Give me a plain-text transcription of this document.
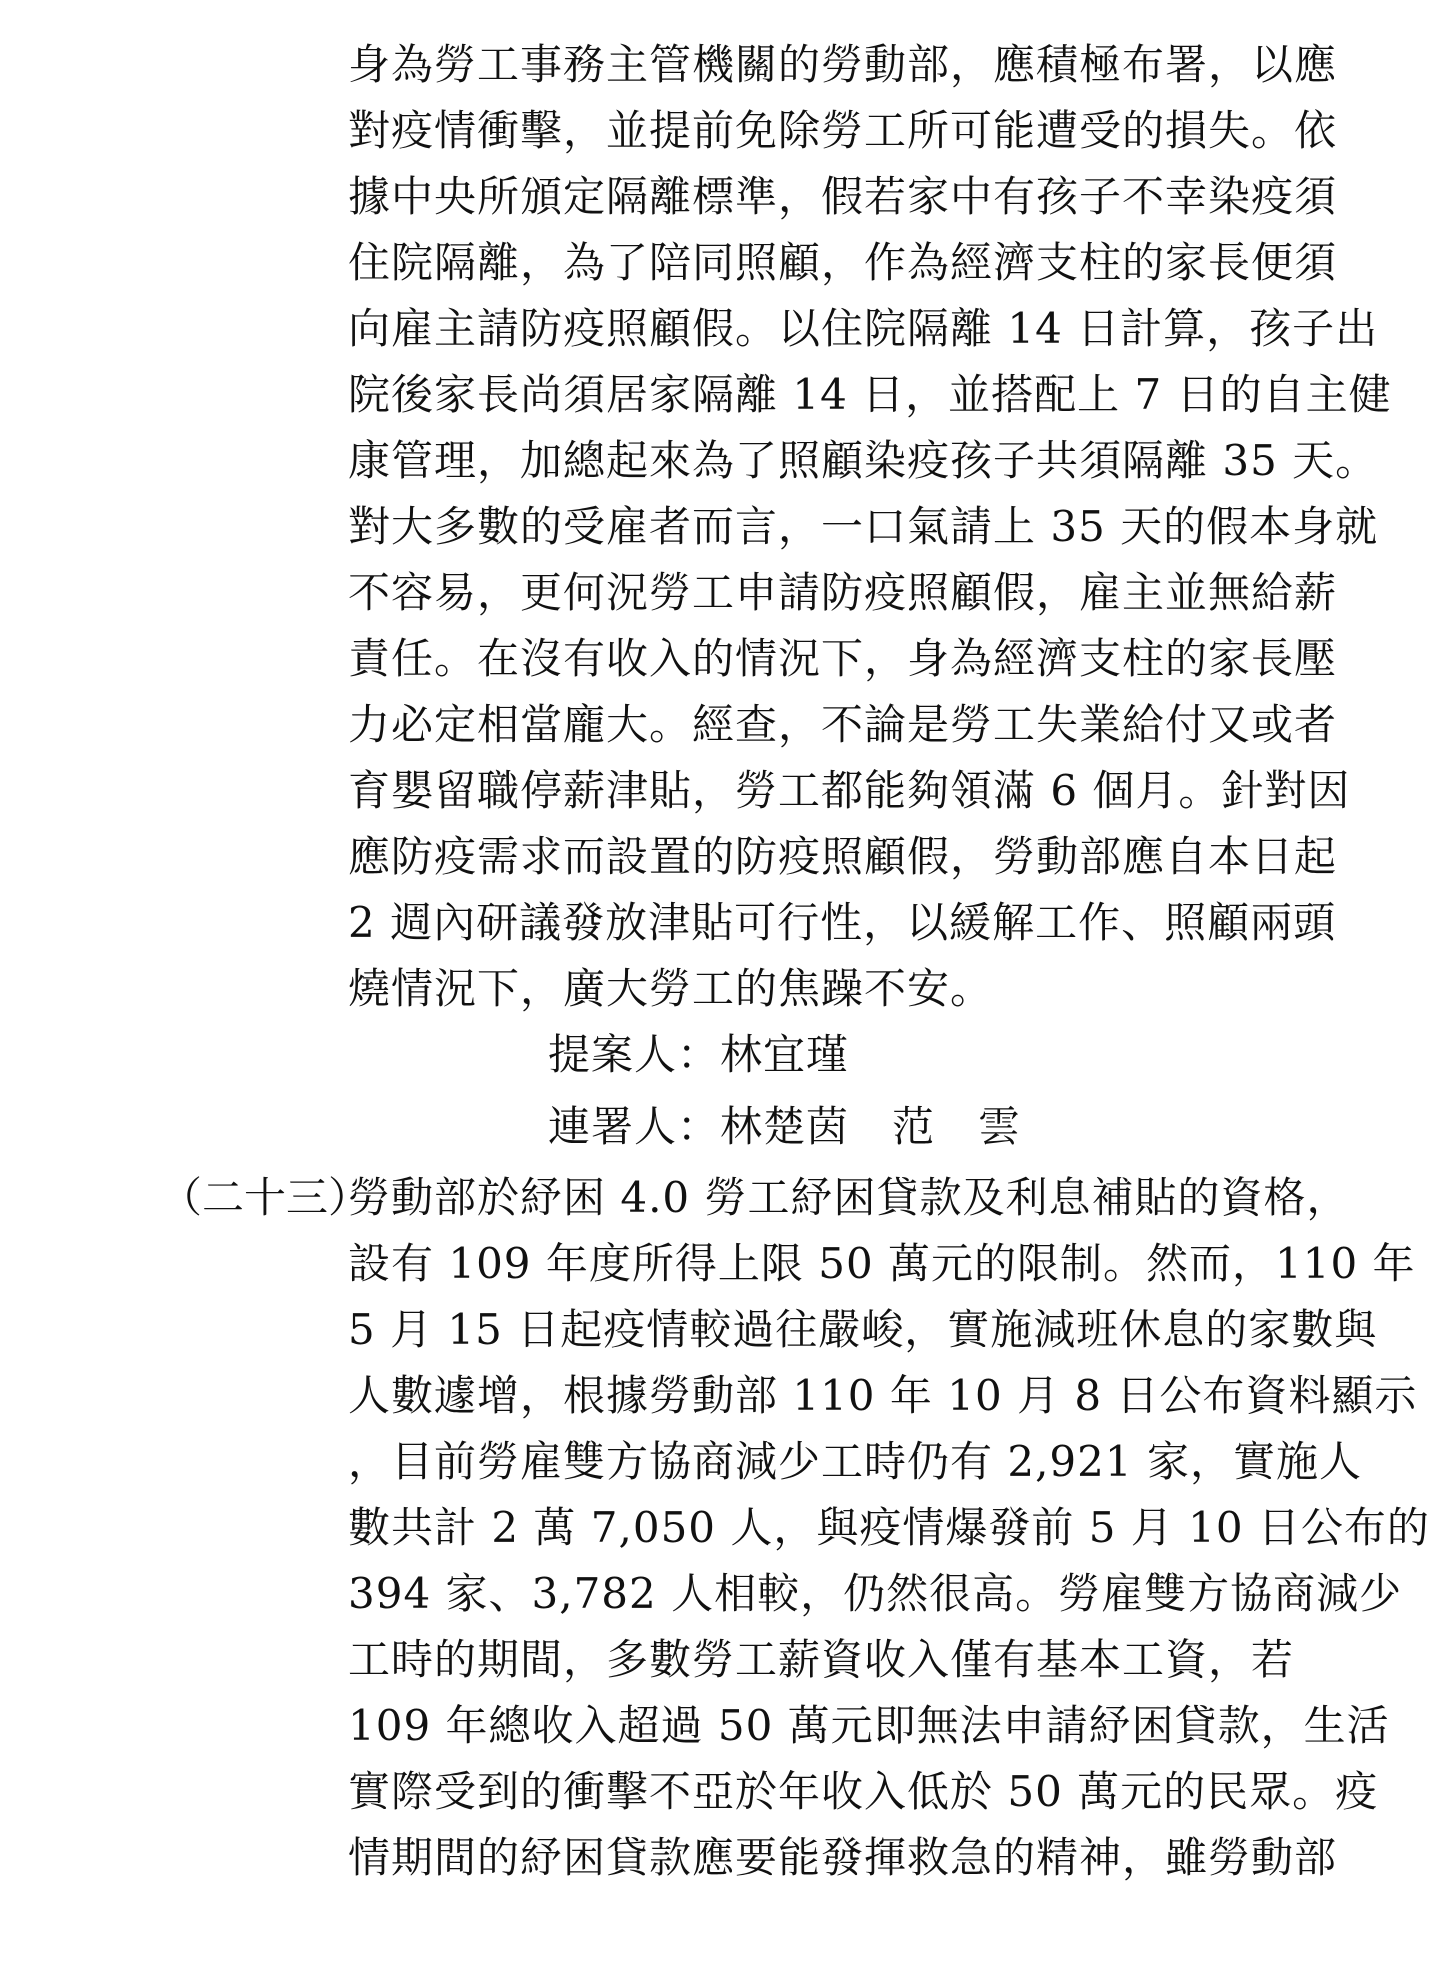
身為勞工事務主管機關的勞動部，應積極布署，以應
對疫情衝擊，並提前免除勞工所可能遭受的損失。依
據中央所頒定隔離標準，假若家中有孩子不幸染疫須
住院隔離，為了陪同照顧，作為經濟支柱的家長便須
向雇主請防疫照顧假。以住院隔離 14 日計算，孩子出
院後家長尚須居家隔離 14 日，並搭配上 7 日的自主健
康管理，加總起來為了照顧染疫孩子共須隔離 35 天。
對大多數的受雇者而言，一口氣請上 35 天的假本身就
不容易，更何況勞工申請防疫照顧假，雇主並無給薪
責任。在沒有收入的情況下，身為經濟支柱的家長壓
力必定相當龐大。經查，不論是勞工失業給付又或者
育嬰留職停薪津貼，勞工都能夠領滿 6 個月。針對因
應防疫需求而設置的防疫照顧假，勞動部應自本日起
2 週內研議發放津貼可行性，以緩解工作、照顧兩頭
燒情況下，廣大勞工的焦躁不安。
提案人：林宜瑾
連署人：林楚茵　范　雲
（二十三）
勞動部於紓困 4.0 勞工紓困貸款及利息補貼的資格，
設有 109 年度所得上限 50 萬元的限制。然而，110 年
5 月 15 日起疫情較過往嚴峻，實施減班休息的家數與
人數遽增，根據勞動部 110 年 10 月 8 日公布資料顯示
，目前勞雇雙方協商減少工時仍有 2,921 家，實施人
數共計 2 萬 7,050 人，與疫情爆發前 5 月 10 日公布的
394 家、3,782 人相較，仍然很高。勞雇雙方協商減少
工時的期間，多數勞工薪資收入僅有基本工資，若
109 年總收入超過 50 萬元即無法申請紓困貸款，生活
實際受到的衝擊不亞於年收入低於 50 萬元的民眾。疫
情期間的紓困貸款應要能發揮救急的精神，雖勞動部
